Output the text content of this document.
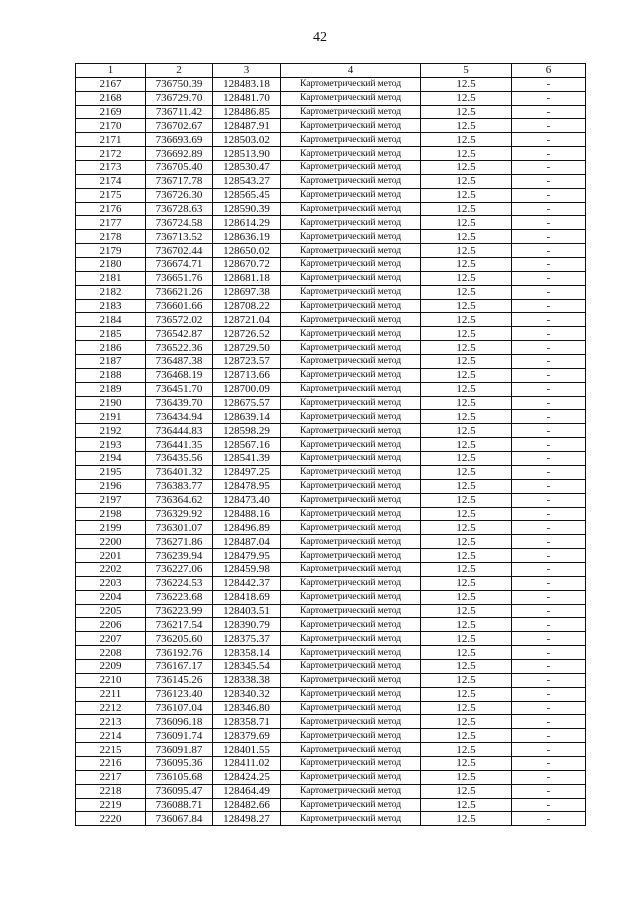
42
1	2	3	4	5	6
2167	736750.39	128483.18	Картометрический метод	12.5	-
2168	736729.70	128481.70	Картометрический метод	12.5	-
2169	736711.42	128486.85	Картометрический метод	12.5	-
2170	736702.67	128487.91	Картометрический метод	12.5	-
2171	736693.69	128503.02	Картометрический метод	12.5	-
2172	736692.89	128513.90	Картометрический метод	12.5	-
2173	736705.40	128530.47	Картометрический метод	12.5	-
2174	736717.78	128543.27	Картометрический метод	12.5	-
2175	736726.30	128565.45	Картометрический метод	12.5	-
2176	736728.63	128590.39	Картометрический метод	12.5	-
2177	736724.58	128614.29	Картометрический метод	12.5	-
2178	736713.52	128636.19	Картометрический метод	12.5	-
2179	736702.44	128650.02	Картометрический метод	12.5	-
2180	736674.71	128670.72	Картометрический метод	12.5	-
2181	736651.76	128681.18	Картометрический метод	12.5	-
2182	736621.26	128697.38	Картометрический метод	12.5	-
2183	736601.66	128708.22	Картометрический метод	12.5	-
2184	736572.02	128721.04	Картометрический метод	12.5	-
2185	736542.87	128726.52	Картометрический метод	12.5	-
2186	736522.36	128729.50	Картометрический метод	12.5	-
2187	736487.38	128723.57	Картометрический метод	12.5	-
2188	736468.19	128713.66	Картометрический метод	12.5	-
2189	736451.70	128700.09	Картометрический метод	12.5	-
2190	736439.70	128675.57	Картометрический метод	12.5	-
2191	736434.94	128639.14	Картометрический метод	12.5	-
2192	736444.83	128598.29	Картометрический метод	12.5	-
2193	736441.35	128567.16	Картометрический метод	12.5	-
2194	736435.56	128541.39	Картометрический метод	12.5	-
2195	736401.32	128497.25	Картометрический метод	12.5	-
2196	736383.77	128478.95	Картометрический метод	12.5	-
2197	736364.62	128473.40	Картометрический метод	12.5	-
2198	736329.92	128488.16	Картометрический метод	12.5	-
2199	736301.07	128496.89	Картометрический метод	12.5	-
2200	736271.86	128487.04	Картометрический метод	12.5	-
2201	736239.94	128479.95	Картометрический метод	12.5	-
2202	736227.06	128459.98	Картометрический метод	12.5	-
2203	736224.53	128442.37	Картометрический метод	12.5	-
2204	736223.68	128418.69	Картометрический метод	12.5	-
2205	736223.99	128403.51	Картометрический метод	12.5	-
2206	736217.54	128390.79	Картометрический метод	12.5	-
2207	736205.60	128375.37	Картометрический метод	12.5	-
2208	736192.76	128358.14	Картометрический метод	12.5	-
2209	736167.17	128345.54	Картометрический метод	12.5	-
2210	736145.26	128338.38	Картометрический метод	12.5	-
2211	736123.40	128340.32	Картометрический метод	12.5	-
2212	736107.04	128346.80	Картометрический метод	12.5	-
2213	736096.18	128358.71	Картометрический метод	12.5	-
2214	736091.74	128379.69	Картометрический метод	12.5	-
2215	736091.87	128401.55	Картометрический метод	12.5	-
2216	736095.36	128411.02	Картометрический метод	12.5	-
2217	736105.68	128424.25	Картометрический метод	12.5	-
2218	736095.47	128464.49	Картометрический метод	12.5	-
2219	736088.71	128482.66	Картометрический метод	12.5	-
2220	736067.84	128498.27	Картометрический метод	12.5	-
